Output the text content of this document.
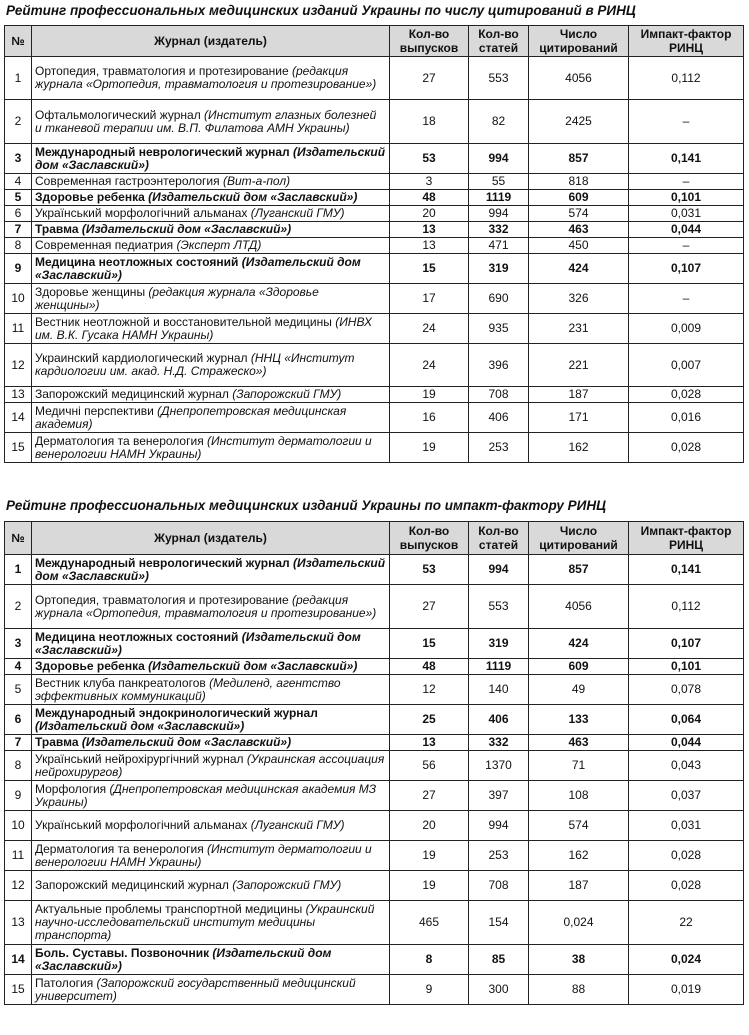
Рейтинг профессиональных медицинских изданий Украины по числу цитирований в РИНЦ
№	Журнал (издатель)	Кол-во выпусков	Кол-во статей	Число цитирований	Импакт-фактор РИНЦ
1	Ортопедия, травматология и протезирование (редакция журнала «Ортопедия, травматология и протезирование»)	27	553	4056	0,112
2	Офтальмологический журнал (Институт глазных болезней и тканевой терапии им. В.П. Филатова АМН Украины)	18	82	2425	–
3	Международный неврологический журнал (Издательский дом «Заславский»)	53	994	857	0,141
4	Современная гастроэнтерология (Вит-а-пол)	3	55	818	–
5	Здоровье ребенка (Издательский дом «Заславский»)	48	1119	609	0,101
6	Український морфологічний альманах (Луганский ГМУ)	20	994	574	0,031
7	Травма (Издательский дом «Заславский»)	13	332	463	0,044
8	Современная педиатрия (Эксперт ЛТД)	13	471	450	–
9	Медицина неотложных состояний (Издательский дом «Заславский»)	15	319	424	0,107
10	Здоровье женщины (редакция журнала «Здоровье женщины»)	17	690	326	–
11	Вестник неотложной и восстановительной медицины (ИНВХ им. В.К. Гусака НАМН Украины)	24	935	231	0,009
12	Украинский кардиологический журнал (ННЦ «Институт кардиологии им. акад. Н.Д. Стражеско»)	24	396	221	0,007
13	Запорожский медицинский журнал (Запорожский ГМУ)	19	708	187	0,028
14	Медичні перспективи (Днепропетровская медицинская академия)	16	406	171	0,016
15	Дерматология та венерология (Институт дерматологии и венерологии НАМН Украины)	19	253	162	0,028
Рейтинг профессиональных медицинских изданий Украины по импакт-фактору РИНЦ
№	Журнал (издатель)	Кол-во выпусков	Кол-во статей	Число цитирований	Импакт-фактор РИНЦ
1	Международный неврологический журнал (Издательский дом «Заславский»)	53	994	857	0,141
2	Ортопедия, травматология и протезирование (редакция журнала «Ортопедия, травматология и протезирование»)	27	553	4056	0,112
3	Медицина неотложных состояний (Издательский дом «Заславский»)	15	319	424	0,107
4	Здоровье ребенка (Издательский дом «Заславский»)	48	1119	609	0,101
5	Вестник клуба панкреатологов (Медиленд, агентство эффективных коммуникаций)	12	140	49	0,078
6	Международный эндокринологический журнал (Издательский дом «Заславский»)	25	406	133	0,064
7	Травма (Издательский дом «Заславский»)	13	332	463	0,044
8	Український нейрохірургічний журнал (Украинская ассоциация нейрохирургов)	56	1370	71	0,043
9	Морфология (Днепропетровская медицинская академия МЗ Украины)	27	397	108	0,037
10	Український морфологічний альманах (Луганский ГМУ)	20	994	574	0,031
11	Дерматология та венерология (Институт дерматологии и венерологии НАМН Украины)	19	253	162	0,028
12	Запорожский медицинский журнал (Запорожский ГМУ)	19	708	187	0,028
13	Актуальные проблемы транспортной медицины (Украинский научно-исследовательский институт медицины транспорта)	465	154	0,024	22
14	Боль. Суставы. Позвоночник (Издательский дом «Заславский»)	8	85	38	0,024
15	Патология (Запорожский государственный медицинский университет)	9	300	88	0,019
